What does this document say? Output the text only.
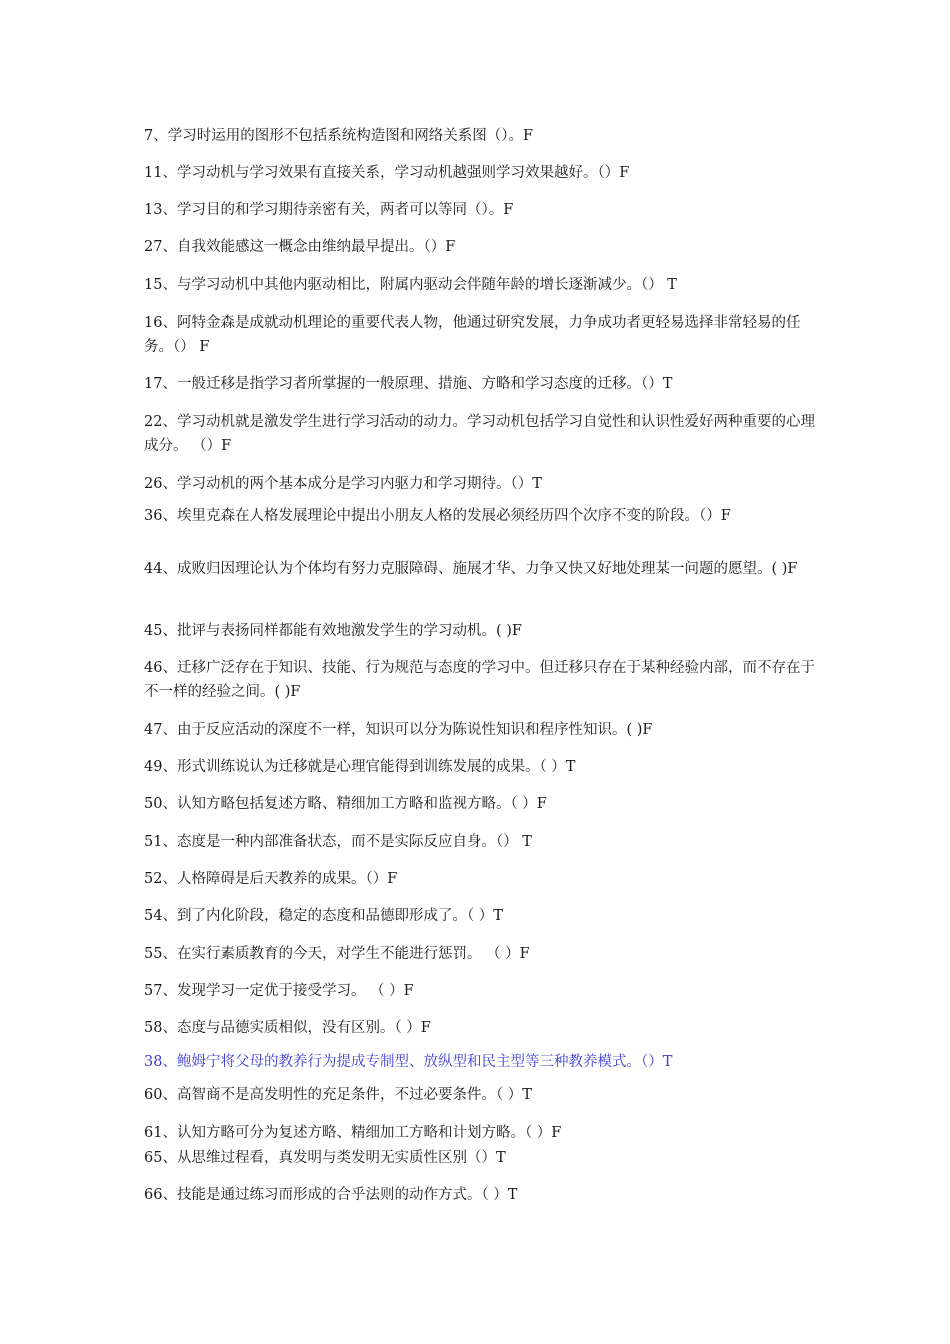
7、学习时运用的图形不包括系统构造图和网络关系图（）。F
11、学习动机与学习效果有直接关系，学习动机越强则学习效果越好。（）F
13、学习目的和学习期待亲密有关，两者可以等同（）。F
27、自我效能感这一概念由维纳最早提出。（）F
15、与学习动机中其他内驱动相比，附属内驱动会伴随年龄的增长逐渐减少。（） T
16、阿特金森是成就动机理论的重要代表人物，他通过研究发展，力争成功者更轻易选择非常轻易的任务。（） F
17、一般迁移是指学习者所掌握的一般原理、措施、方略和学习态度的迁移。（）T
22、学习动机就是激发学生进行学习活动的动力。学习动机包括学习自觉性和认识性爱好两种重要的心理成分。 （）F
26、学习动机的两个基本成分是学习内驱力和学习期待。（）T
36、埃里克森在人格发展理论中提出小朋友人格的发展必须经历四个次序不变的阶段。（）F
44、成败归因理论认为个体均有努力克服障碍、施展才华、力争又快又好地处理某一问题的愿望。( )F
45、批评与表扬同样都能有效地激发学生的学习动机。( )F
46、迁移广泛存在于知识、技能、行为规范与态度的学习中。但迁移只存在于某种经验内部，而不存在于不一样的经验之间。( )F
47、由于反应活动的深度不一样，知识可以分为陈说性知识和程序性知识。( )F
49、形式训练说认为迁移就是心理官能得到训练发展的成果。（ ）T
50、认知方略包括复述方略、精细加工方略和监视方略。（ ）F
51、态度是一种内部准备状态，而不是实际反应自身。（） T
52、人格障碍是后天教养的成果。（）F
54、到了内化阶段，稳定的态度和品德即形成了。（ ）T
55、在实行素质教育的今天，对学生不能进行惩罚。 （ ）F
57、发现学习一定优于接受学习。 （ ）F
58、态度与品德实质相似，没有区别。（ ）F
38、鲍姆宁将父母的教养行为提成专制型、放纵型和民主型等三种教养模式。（）T
60、高智商不是高发明性的充足条件，不过必要条件。（ ）T
61、认知方略可分为复述方略、精细加工方略和计划方略。（ ）F
65、从思维过程看，真发明与类发明无实质性区别（）T
66、技能是通过练习而形成的合乎法则的动作方式。（ ）T
